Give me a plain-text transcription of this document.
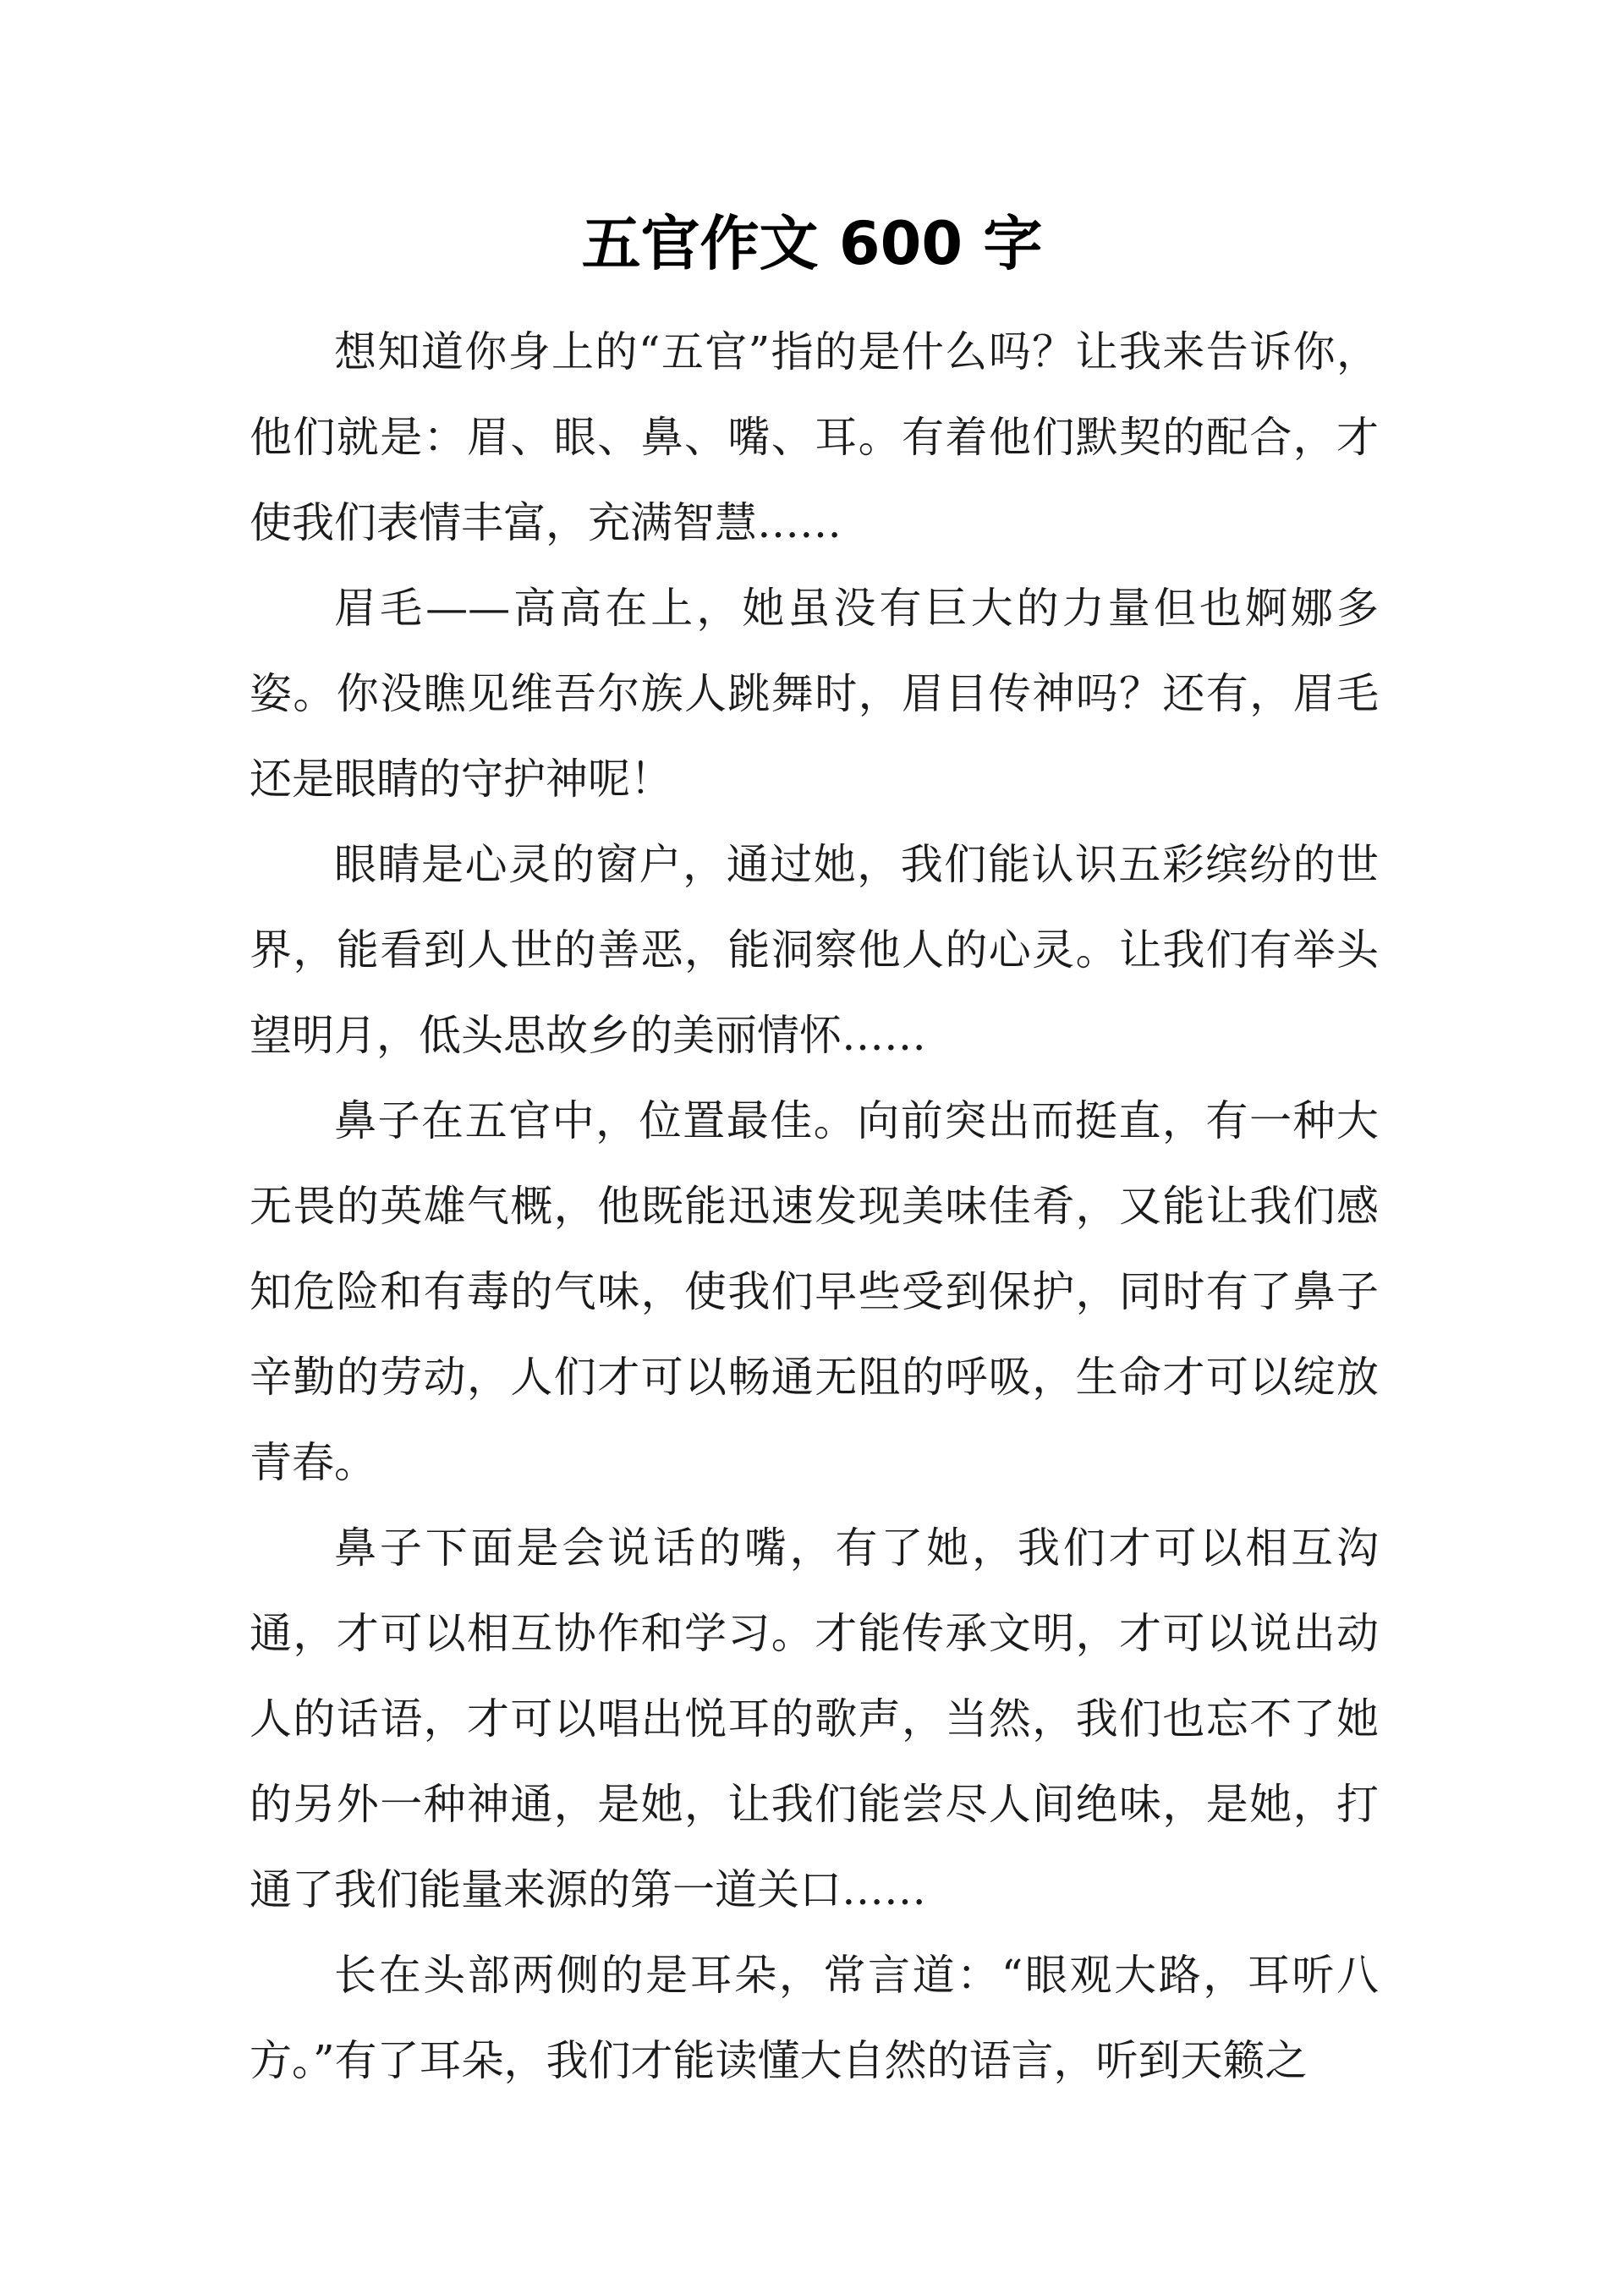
五官作文 600 字

想知道你身上的“五官”指的是什么吗？让我来告诉你，他们就是：眉、眼、鼻、嘴、耳。有着他们默契的配合，才使我们表情丰富，充满智慧……

眉毛——高高在上，她虽没有巨大的力量但也婀娜多姿。你没瞧见维吾尔族人跳舞时，眉目传神吗？还有，眉毛还是眼睛的守护神呢！

眼睛是心灵的窗户，通过她，我们能认识五彩缤纷的世界，能看到人世的善恶，能洞察他人的心灵。让我们有举头望明月，低头思故乡的美丽情怀……

鼻子在五官中，位置最佳。向前突出而挺直，有一种大无畏的英雄气概，他既能迅速发现美味佳肴，又能让我们感知危险和有毒的气味，使我们早些受到保护，同时有了鼻子辛勤的劳动，人们才可以畅通无阻的呼吸，生命才可以绽放青春。

鼻子下面是会说话的嘴，有了她，我们才可以相互沟通，才可以相互协作和学习。才能传承文明，才可以说出动人的话语，才可以唱出悦耳的歌声，当然，我们也忘不了她的另外一种神通，是她，让我们能尝尽人间绝味，是她，打通了我们能量来源的第一道关口……

长在头部两侧的是耳朵，常言道：“眼观大路，耳听八方。”有了耳朵，我们才能读懂大自然的语言，听到天籁之
